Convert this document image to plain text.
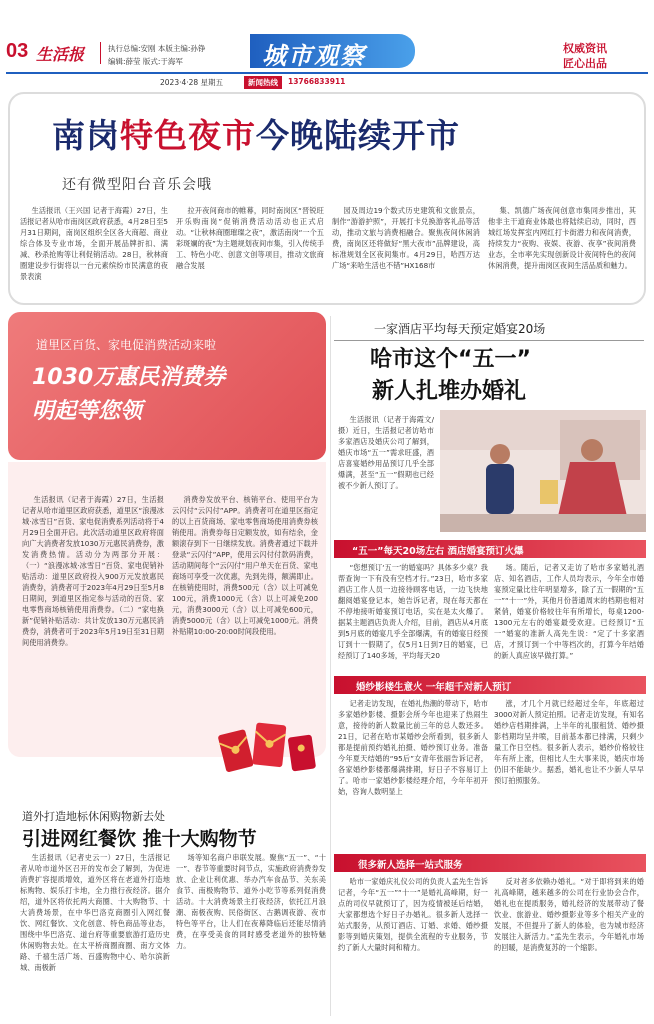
03 生活报	执行总编:安刚 本版主编:孙铮
编辑:薛莹 版式:于海军	城市观察	权威资讯
匠心出品
2023·4·28 星期五	新闻热线	13766833911
南岗特色夜市今晚陆续开市
还有微型阳台音乐会哦

生活报讯（王兴国 记者于海霞）27日，生活报记者从哈市南岗区政府获悉，4月28日至5月31日期间，南岗区组织全区各大商超、商业综合体及专业市场，全面开展品牌折扣、满减、秒杀抢购等让利促销活动。28日，秋林商圈建设步行街将以一台元素缤纷市民满意的夜景表演

拉开夜间商市的帷幕，同时南岗区“晋锐旺开乐购南岗”促销消费活动活动也正式启动。“让秋林商圈璀璨之夜”，激活南岗“一个五彩斑斓的夜”为主题规划夜间市集，引入传统手工、特色小吃、创意文创等项目，推动文旅商融合发展

园及周边19个数式历史建筑和文旅景点，制作“游游护照”，开展打卡兑换游客礼品等活动，推动文旅与消费相融合。聚焦夜间休闲消费，南岗区还将做好“黑大夜市”品牌建设，高标准规划全区夜间集市。4月29日，哈西万达广场“来哈生活也不错”HX168市

集、凯德广场夜间创意市集同步推出，其他非主干道商业体最也将陆续启动，同时，西城红场发挥室内网红打卡街潜力和夜间消费，持续发力“夜购、夜娱、夜游、夜享”夜间消费业态，全市率先实现创新设计夜间特色的夜间休闲消费，提升南岗区夜间生活品质和魅力。

道里区百货、家电促消费活动来啦
1030万惠民消费券
明起等您领

生活报讯（记者于海霞）27日，生活报记者从哈市道里区政府获悉，道里区“浪漫冰城·冰雪日”百货、家电促消费系列活动将于4月29日全面开启。此次活动道里区政府将面向广大消费者发放1030万元惠民消费券，激发消费热情。活动分为两部分开展：（一）“浪漫冰城·冰雪日”百货、家电促销补贴活动：道里区政府投入900万元发放惠民消费券，消费者可于2023年4月29日至5月8日期间，到道里区指定参与活动的百货、家电零售商场核销使用消费券。（二）“家电换新”促销补贴活动：共计发放130万元惠民消费券，消费者可于2023年5月19日至31日期间使用消费券。

消费券发放平台、核销平台、使用平台为云闪付“云闪付”APP。消费者可在道里区指定的以上百货商场、家电零售商场使用消费券核销使用。消费券每日定额发放，如有结余，金额滚存到下一日继续发放。消费者通过下载并登录“云闪付”APP，使用云闪付付款码消费，活动期间每个“云闪付”用户单天在百货、家电商场可享受一次优惠，先到先得，额满即止。在核销使用时，消费500元（含）以上可减免100元，消费1000元（含）以上可减免200元，消费3000元（含）以上可减免600元，消费5000元（含）以上可减免1000元。消费补贴期10:00-20:00时间段使用。

一家酒店平均每天预定婚宴20场
哈市这个“五一”
新人扎堆办婚礼

生活报讯（记者于海霞文/摄）近日，生活报记者访哈市多家酒店及婚庆公司了解到，婚庆市场“五一”需求旺盛，酒店喜宴婚纱用品预订几乎全部爆满，甚至“五一”假期也已经被不少新人预订了。

“五一”每天20场左右 酒店婚宴预订火爆

“您想预订‘五一’的婚宴吗？具体多少桌？我帮查询一下有没有空档才行。”23日，哈市多家酒店工作人员一边接待顾客电话，一边飞快地翻阅婚宴登记本，她告诉记者，现在每天都在不停地接听婚宴预订电话，实在是太火爆了。据某主题酒店负责人介绍，目前，酒店从4月底到5月底的婚宴几乎全部爆满，有的婚宴日经预订到十一假期了，仅5月1日到7日的婚宴，已经预订了140多场，平均每天20

场。随后，记者又走访了哈市多家婚礼酒店、知名酒店，工作人员均表示，今年全市婚宴预定量比往年明显增多，除了五一假期的“五一”“十一”外，其他月份普通周末的档期也相对紧俏，婚宴价格较往年有所增长，每桌1200-1300元左右的婚宴最受欢迎。已经预订“五一”婚宴的准新人高先生说：“定了十多家酒店，才预订到一个中等档次的，打算今年结婚的新人真应该早做打算。”

婚纱影楼生意火 一年超千对新人预订

记者走访发现，在婚礼热潮的带动下，哈市多家婚纱影楼、摄影会所今年也迎来了热闹生意，接待的新人数量比前三年的总人数还多。21日，记者在哈市某婚纱会所看到，很多新人都是提前预约婚礼拍摄、婚纱预订业务。准备今年夏天结婚的“95后”女青年张丽告诉记者，各家婚纱影楼都爆满排期，好日子不容易订上了。哈市一家婚纱影楼经理介绍，今年年初开始，咨询人数明显上

涨，才几个月就已经超过全年，年底超过3000对新人预定拍照。记者走访发现，有知名婚纱店档期排满，上半年的礼服租赁、婚纱摄影档期均呈井喷，目前基本都已排满，只剩少量工作日空档。很多新人表示，婚纱价格较往年有所上涨，但相比人生大事来说，婚庆市场仍旧不能缺少。据悉，婚礼也让不少新人早早预订拍照服务。

很多新人选择一站式服务

哈市一家婚庆礼仪公司的负责人孟先生告诉记者，今年“五一”“十一”是婚礼高峰期，好一点的司仪早就预订了，因为疫情被延后结婚，大家都想选个好日子办婚礼。很多新人选择一站式服务，从预订酒店、订婚、求婚、婚纱摄影等到婚庆策划，提供全流程的专业服务，节约了新人大量时间和精力。

反对者多依赖办婚礼。“对于即将到来的婚礼高峰期，越来越多的公司在行业协会合作，婚礼也在提质服务，婚礼经济的发展带动了餐饮业、旅游业、婚纱摄影业等多个相关产业的发展，不但提升了新人的体验，也为城市经济发展注入新活力。”孟先生表示，今年婚礼市场的回暖，是消费复苏的一个缩影。

道外打造地标休闲购物新去处
引进网红餐饮 推十大购物节

生活报讯（记者史云一）27日，生活报记者从哈市道外区召开的发布会了解到，为促进消费扩容提质增效，道外区将在老道外打造地标购物、娱乐打卡地，全力推行夜经济。据介绍，道外区将依托两大商圈、十大购物节、十大消费场景，在中华巴洛克商圈引入网红餐饮、网红餐饮、文化创意、特色商品等业态，围绕中华巴洛克、道台府等重要旅游打造历史休闲购物去处。在太平桥商圈商圈、南方文体路、千禧生活广场、百盛购物中心、哈尔滨新城、南极新

场等知名商户串联发展。聚焦“五一”、“十一”、春节等重要时间节点，实施政府消费券发放、企业让利优惠、举办汽车食品节、关东美食节、南极购物节、道外小吃节等系列促消费活动。十大消费场景主打夜经济，依托江月浪潮、南极夜购、民俗街区、古鹅调夜游、夜市特色等平台，让人们在夜幕降临后还能尽情消费，在享受美食的同时感受老道外的独特魅力。
